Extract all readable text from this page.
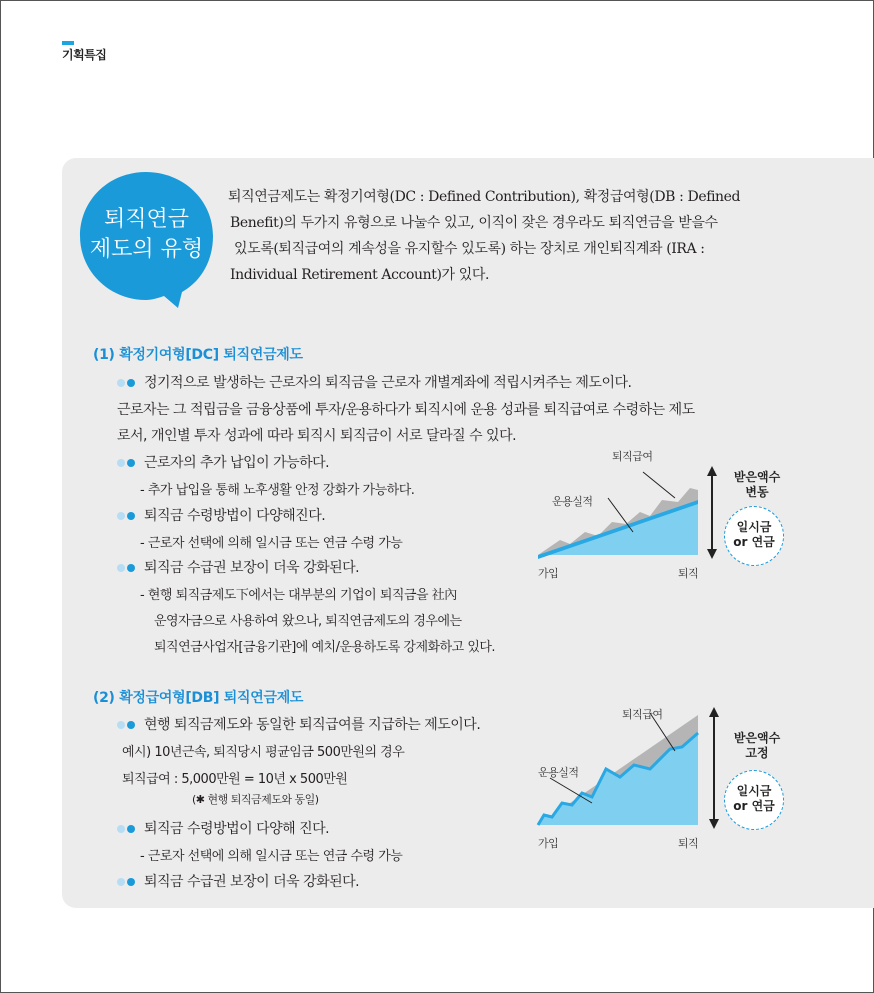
기획특집
퇴직연금
제도의 유형
퇴직연금제도는 확정기여형(DC : Defined Contribution), 확정급여형(DB : Defined
Benefit)의 두가지 유형으로 나눌수 있고, 이직이 잦은 경우라도 퇴직연금을 받을수
있도록(퇴직급여의 계속성을 유지할수 있도록) 하는 장치로 개인퇴직계좌 (IRA :
Individual Retirement Account)가 있다.
(1) 확정기여형[DC] 퇴직연금제도
정기적으로 발생하는 근로자의 퇴직금을 근로자 개별계좌에 적립시켜주는 제도이다.
근로자는 그 적립금을 금융상품에 투자/운용하다가 퇴직시에 운용 성과를 퇴직급여로 수령하는 제도
로서, 개인별 투자 성과에 따라 퇴직시 퇴직금이 서로 달라질 수 있다.
근로자의 추가 납입이 가능하다.
- 추가 납입을 통해 노후생활 안정 강화가 가능하다.
퇴직금 수령방법이 다양해진다.
- 근로자 선택에 의해 일시금 또는 연금 수령 가능
퇴직금 수급권 보장이 더욱 강화된다.
- 현행 퇴직금제도下에서는 대부분의 기업이 퇴직금을 社內
운영자금으로 사용하여 왔으나, 퇴직연금제도의 경우에는
퇴직연금사업자[금융기관]에 예치/운용하도록 강제화하고 있다.
퇴직급여
운용실적
가입	퇴직
받은액수
변동
일시금
or 연금
(2) 확정급여형[DB] 퇴직연금제도
현행 퇴직금제도와 동일한 퇴직급여를 지급하는 제도이다.
예시) 10년근속, 퇴직당시 평균임금 500만원의 경우
퇴직급여 : 5,000만원 = 10년 x 500만원
(✱ 현행 퇴직금제도와 동일)
퇴직금 수령방법이 다양해 진다.
- 근로자 선택에 의해 일시금 또는 연금 수령 가능
퇴직금 수급권 보장이 더욱 강화된다.
퇴직급여
운용실적
가입	퇴직
받은액수
고정
일시금
or 연금
